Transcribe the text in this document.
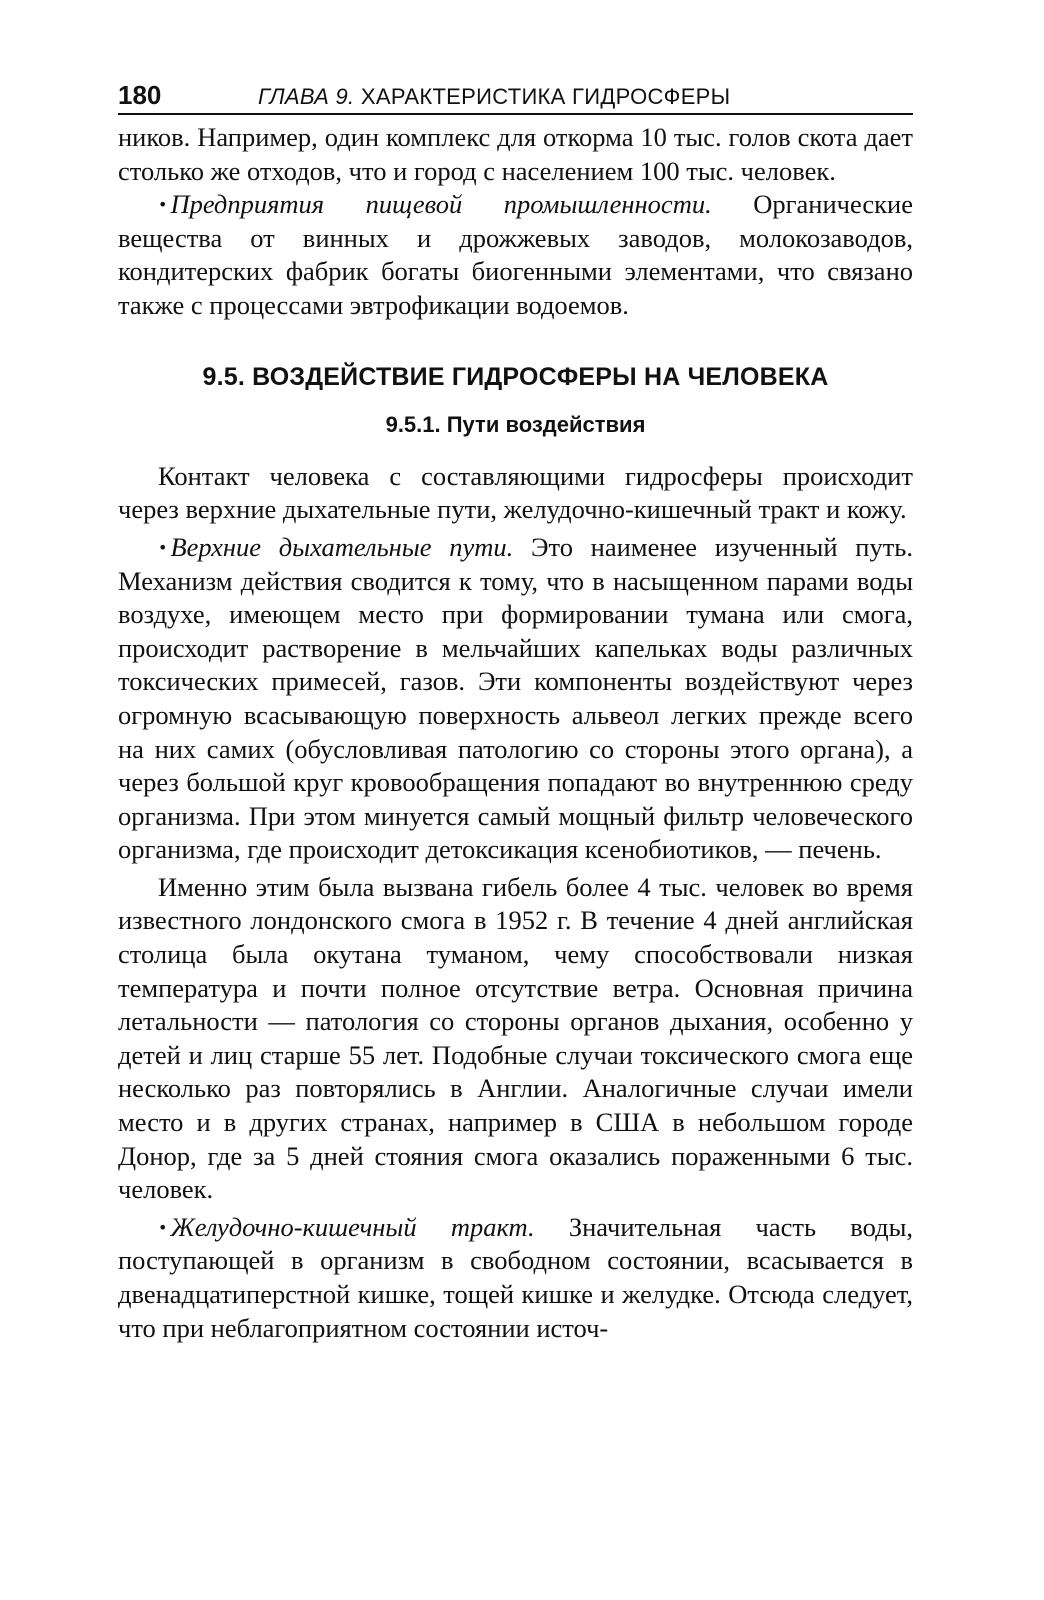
180	ГЛАВА 9. ХАРАКТЕРИСТИКА ГИДРОСФЕРЫ

ников. Например, один комплекс для откорма 10 тыс. голов скота дает столько же отходов, что и город с населением 100 тыс. человек.

• Предприятия пищевой промышленности. Органические вещества от винных и дрожжевых заводов, молокозаводов, кондитерских фабрик богаты биогенными элементами, что связано также с процессами эвтрофикации водоемов.

9.5. ВОЗДЕЙСТВИЕ ГИДРОСФЕРЫ НА ЧЕЛОВЕКА
9.5.1. Пути воздействия

Контакт человека с составляющими гидросферы происходит через верхние дыхательные пути, желудочно-кишечный тракт и кожу.

• Верхние дыхательные пути. Это наименее изученный путь. Механизм действия сводится к тому, что в насыщенном парами воды воздухе, имеющем место при формировании тумана или смога, происходит растворение в мельчайших капельках воды различных токсических примесей, газов. Эти компоненты воздействуют через огромную всасывающую поверхность альвеол легких прежде всего на них самих (обусловливая патологию со стороны этого органа), а через большой круг кровообращения попадают во внутреннюю среду организма. При этом минуется самый мощный фильтр человеческого организма, где происходит детоксикация ксенобиотиков, — печень.

Именно этим была вызвана гибель более 4 тыс. человек во время известного лондонского смога в 1952 г. В течение 4 дней английская столица была окутана туманом, чему способствовали низкая температура и почти полное отсутствие ветра. Основная причина летальности — патология со стороны органов дыхания, особенно у детей и лиц старше 55 лет. Подобные случаи токсического смога еще несколько раз повторялись в Англии. Аналогичные случаи имели место и в других странах, например в США в небольшом городе Донор, где за 5 дней стояния смога оказались пораженными 6 тыс. человек.

• Желудочно-кишечный тракт. Значительная часть воды, поступающей в организм в свободном состоянии, всасывается в двенадцатиперстной кишке, тощей кишке и желудке. Отсюда следует, что при неблагоприятном состоянии источ-
